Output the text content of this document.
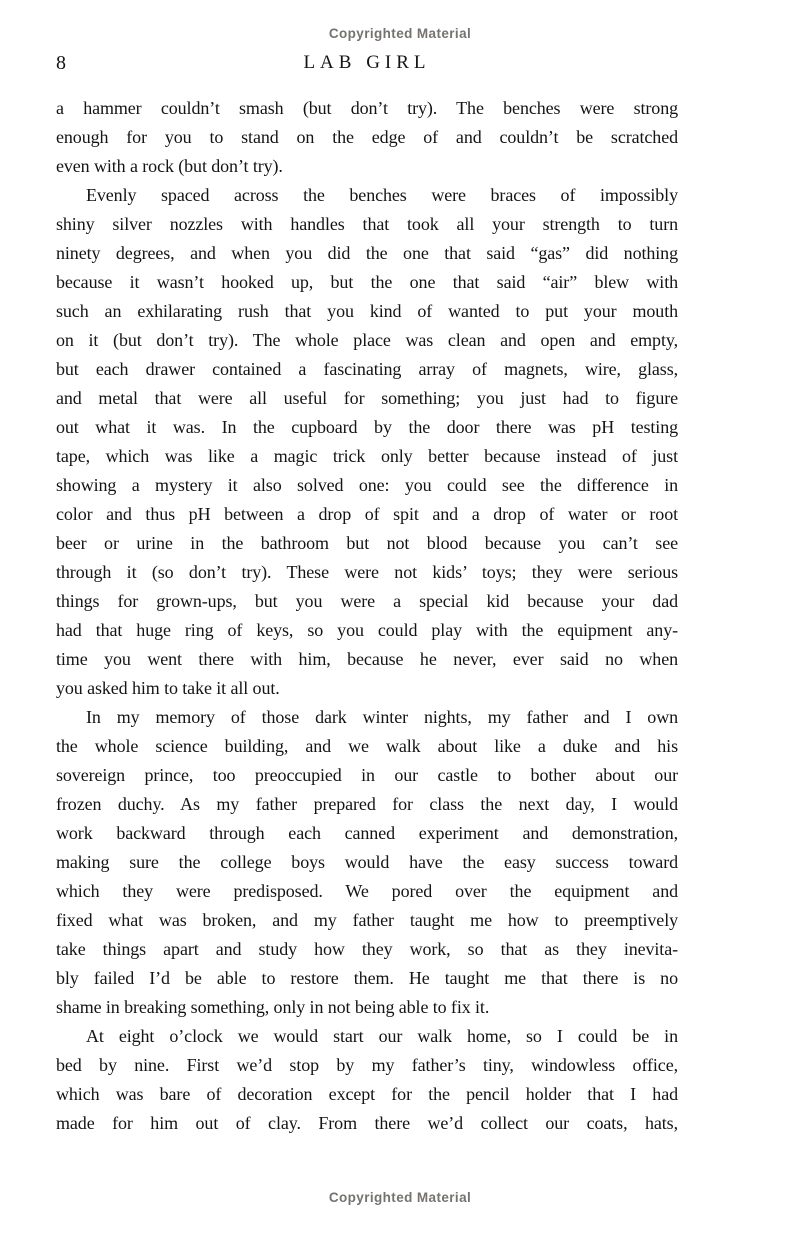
Copyrighted Material
8	LAB GIRL
a hammer couldn’t smash (but don’t try). The benches were strong
enough for you to stand on the edge of and couldn’t be scratched
even with a rock (but don’t try).
Evenly spaced across the benches were braces of impossibly
shiny silver nozzles with handles that took all your strength to turn
ninety degrees, and when you did the one that said “gas” did nothing
because it wasn’t hooked up, but the one that said “air” blew with
such an exhilarating rush that you kind of wanted to put your mouth
on it (but don’t try). The whole place was clean and open and empty,
but each drawer contained a fascinating array of magnets, wire, glass,
and metal that were all useful for something; you just had to figure
out what it was. In the cupboard by the door there was pH testing
tape, which was like a magic trick only better because instead of just
showing a mystery it also solved one: you could see the difference in
color and thus pH between a drop of spit and a drop of water or root
beer or urine in the bathroom but not blood because you can’t see
through it (so don’t try). These were not kids’ toys; they were serious
things for grown-ups, but you were a special kid because your dad
had that huge ring of keys, so you could play with the equipment any-
time you went there with him, because he never, ever said no when
you asked him to take it all out.
In my memory of those dark winter nights, my father and I own
the whole science building, and we walk about like a duke and his
sovereign prince, too preoccupied in our castle to bother about our
frozen duchy. As my father prepared for class the next day, I would
work backward through each canned experiment and demonstration,
making sure the college boys would have the easy success toward
which they were predisposed. We pored over the equipment and
fixed what was broken, and my father taught me how to preemptively
take things apart and study how they work, so that as they inevita-
bly failed I’d be able to restore them. He taught me that there is no
shame in breaking something, only in not being able to fix it.
At eight o’clock we would start our walk home, so I could be in
bed by nine. First we’d stop by my father’s tiny, windowless office,
which was bare of decoration except for the pencil holder that I had
made for him out of clay. From there we’d collect our coats, hats,
Copyrighted Material
